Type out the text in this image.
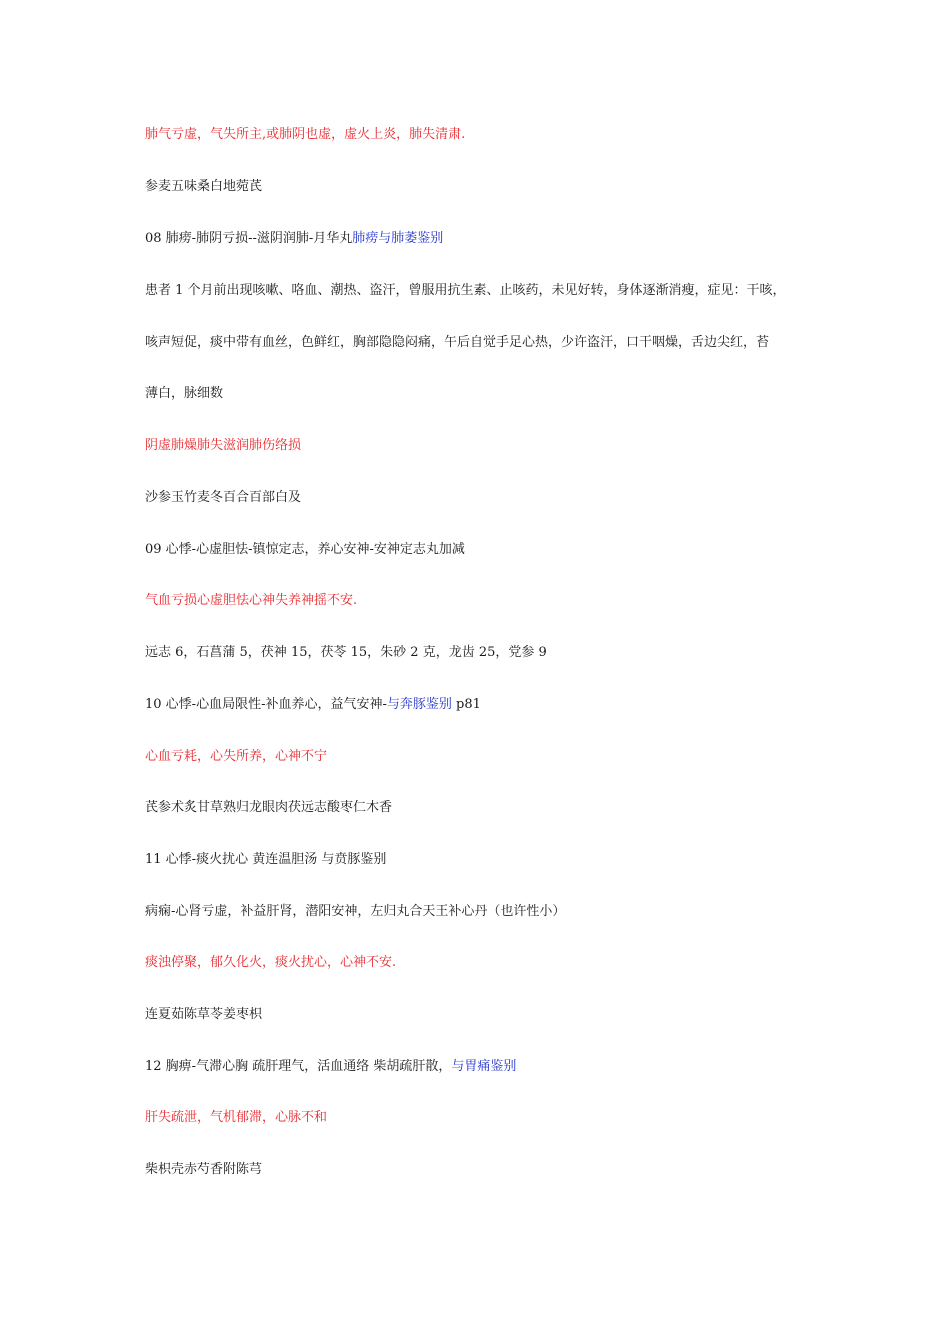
肺气亏虚，气失所主,或肺阴也虚，虚火上炎，肺失清肃.
参麦五味桑白地菀芪
08 肺痨-肺阴亏损--滋阴润肺-月华丸肺痨与肺萎鉴别
患者 1 个月前出现咳嗽、咯血、潮热、盗汗，曾服用抗生素、止咳药，未见好转，身体逐渐消瘦，症见：干咳，
咳声短促，痰中带有血丝，色鲜红，胸部隐隐闷痛，午后自觉手足心热，少许盗汗，口干咽燥，舌边尖红，苔
薄白，脉细数
阴虚肺燥肺失滋润肺伤络损
沙参玉竹麦冬百合百部白及
09 心悸-心虚胆怯-镇惊定志，养心安神-安神定志丸加减
气血亏损心虚胆怯心神失养神摇不安.
远志 6，石菖蒲 5，茯神 15，茯苓 15，朱砂 2 克，龙齿 25，党参 9
10 心悸-心血局限性-补血养心，益气安神-与奔豚鉴别 p81
心血亏耗，心失所养，心神不宁
芪参术炙甘草熟归龙眼肉茯远志酸枣仁木香
11 心悸-痰火扰心 黄连温胆汤 与贲豚鉴别
病痫-心肾亏虚，补益肝肾，潜阳安神，左归丸合天王补心丹（也许性小）
痰浊停聚，郁久化火，痰火扰心，心神不安.
连夏茹陈草苓姜枣枳
12 胸痹-气滞心胸 疏肝理气，活血通络 柴胡疏肝散，与胃痛鉴别
肝失疏泄，气机郁滞，心脉不和
柴枳壳赤芍香附陈芎
